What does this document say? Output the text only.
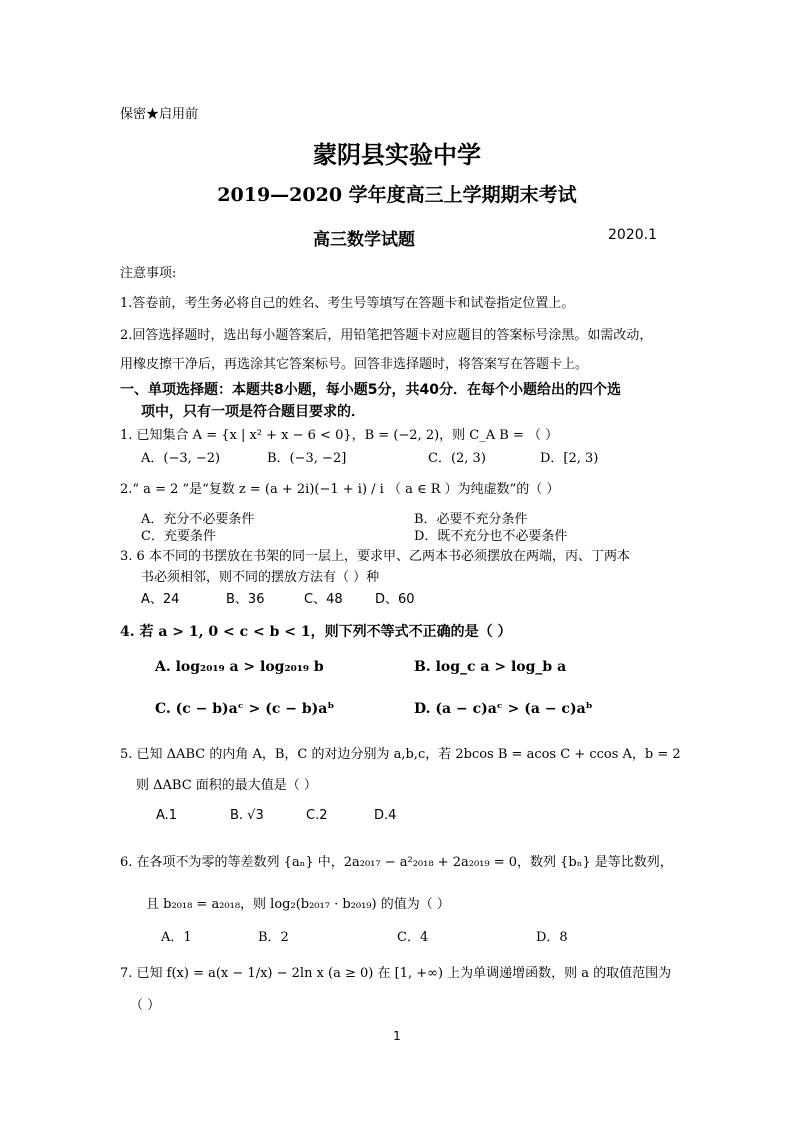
保密★启用前
蒙阴县实验中学
2019—2020 学年度高三上学期期末考试
高三数学试题	2020.1
注意事项:
1.答卷前，考生务必将自己的姓名、考生号等填写在答题卡和试卷指定位置上。
2.回答选择题时，选出每小题答案后，用铅笔把答题卡对应题目的答案标号涂黑。如需改动，
用橡皮擦干净后，再选涂其它答案标号。回答非选择题时，将答案写在答题卡上。
一、单项选择题：本题共8小题，每小题5分，共40分．在每个小题给出的四个选
项中，只有一项是符合题目要求的．
1. 已知集合 A = {x | x² + x − 6 < 0}，B = (−2, 2)，则 C_A B = （ ）
A．(−3, −2)	B．(−3, −2]	C．(2, 3)	D．[2, 3)
2.“ a = 2 ”是“复数 z = (a + 2i)(−1 + i) / i （ a ∈ R ）为纯虚数”的（ ）
A．充分不必要条件	B．必要不充分条件
C．充要条件	D．既不充分也不必要条件
3. 6 本不同的书摆放在书架的同一层上，要求甲、乙两本书必须摆放在两端，丙、丁两本
书必须相邻，则不同的摆放方法有（ ）种
A、24	B、36	C、48 D、60
4. 若 a > 1, 0 < c < b < 1，则下列不等式不正确的是（ ）
A. log₂₀₁₉ a > log₂₀₁₉ b	B. log_c a > log_b a
C. (c − b)aᶜ > (c − b)aᵇ	D. (a − c)aᶜ > (a − c)aᵇ
5. 已知 ΔABC 的内角 A，B，C 的对边分别为 a,b,c，若 2bcos B = acos C + ccos A，b = 2
则 ΔABC 面积的最大值是（ ）
A.1	B. √3	C.2	D.4
6. 在各项不为零的等差数列 {aₙ} 中，2a₂₀₁₇ − a²₂₀₁₈ + 2a₂₀₁₉ = 0，数列 {bₙ} 是等比数列，
且 b₂₀₁₈ = a₂₀₁₈，则 log₂(b₂₀₁₇ · b₂₀₁₉) 的值为（ ）
A．1	B．2	C．4	D．8
7. 已知 f(x) = a(x − 1/x) − 2ln x (a ≥ 0) 在 [1, +∞) 上为单调递增函数，则 a 的取值范围为
（ ）
1
